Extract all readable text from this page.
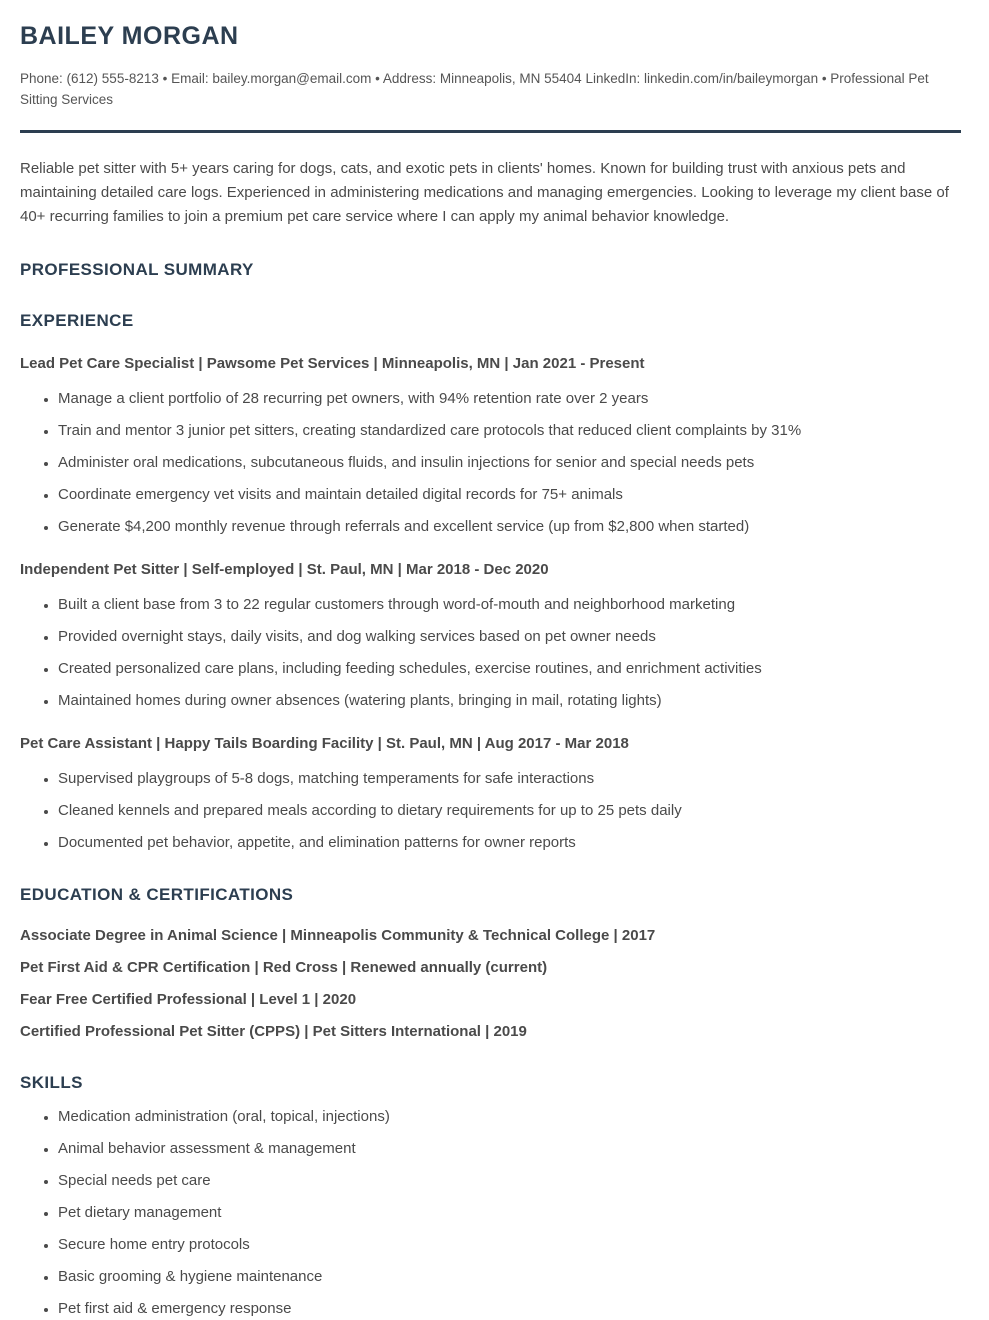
BAILEY MORGAN

Phone: (612) 555-8213 • Email: bailey.morgan@email.com • Address: Minneapolis, MN 55404 LinkedIn: linkedin.com/in/baileymorgan • Professional Pet Sitting Services

Reliable pet sitter with 5+ years caring for dogs, cats, and exotic pets in clients' homes. Known for building trust with anxious pets and maintaining detailed care logs. Experienced in administering medications and managing emergencies. Looking to leverage my client base of 40+ recurring families to join a premium pet care service where I can apply my animal behavior knowledge.

PROFESSIONAL SUMMARY
EXPERIENCE

Lead Pet Care Specialist | Pawsome Pet Services | Minneapolis, MN | Jan 2021 - Present

• Manage a client portfolio of 28 recurring pet owners, with 94% retention rate over 2 years
• Train and mentor 3 junior pet sitters, creating standardized care protocols that reduced client complaints by 31%
• Administer oral medications, subcutaneous fluids, and insulin injections for senior and special needs pets
• Coordinate emergency vet visits and maintain detailed digital records for 75+ animals
• Generate $4,200 monthly revenue through referrals and excellent service (up from $2,800 when started)

Independent Pet Sitter | Self-employed | St. Paul, MN | Mar 2018 - Dec 2020

• Built a client base from 3 to 22 regular customers through word-of-mouth and neighborhood marketing
• Provided overnight stays, daily visits, and dog walking services based on pet owner needs
• Created personalized care plans, including feeding schedules, exercise routines, and enrichment activities
• Maintained homes during owner absences (watering plants, bringing in mail, rotating lights)

Pet Care Assistant | Happy Tails Boarding Facility | St. Paul, MN | Aug 2017 - Mar 2018

• Supervised playgroups of 5-8 dogs, matching temperaments for safe interactions
• Cleaned kennels and prepared meals according to dietary requirements for up to 25 pets daily
• Documented pet behavior, appetite, and elimination patterns for owner reports
EDUCATION & CERTIFICATIONS

Associate Degree in Animal Science | Minneapolis Community & Technical College | 2017

Pet First Aid & CPR Certification | Red Cross | Renewed annually (current)

Fear Free Certified Professional | Level 1 | 2020

Certified Professional Pet Sitter (CPPS) | Pet Sitters International | 2019

SKILLS
• Medication administration (oral, topical, injections)
• Animal behavior assessment & management
• Special needs pet care
• Pet dietary management
• Secure home entry protocols
• Basic grooming & hygiene maintenance
• Pet first aid & emergency response
